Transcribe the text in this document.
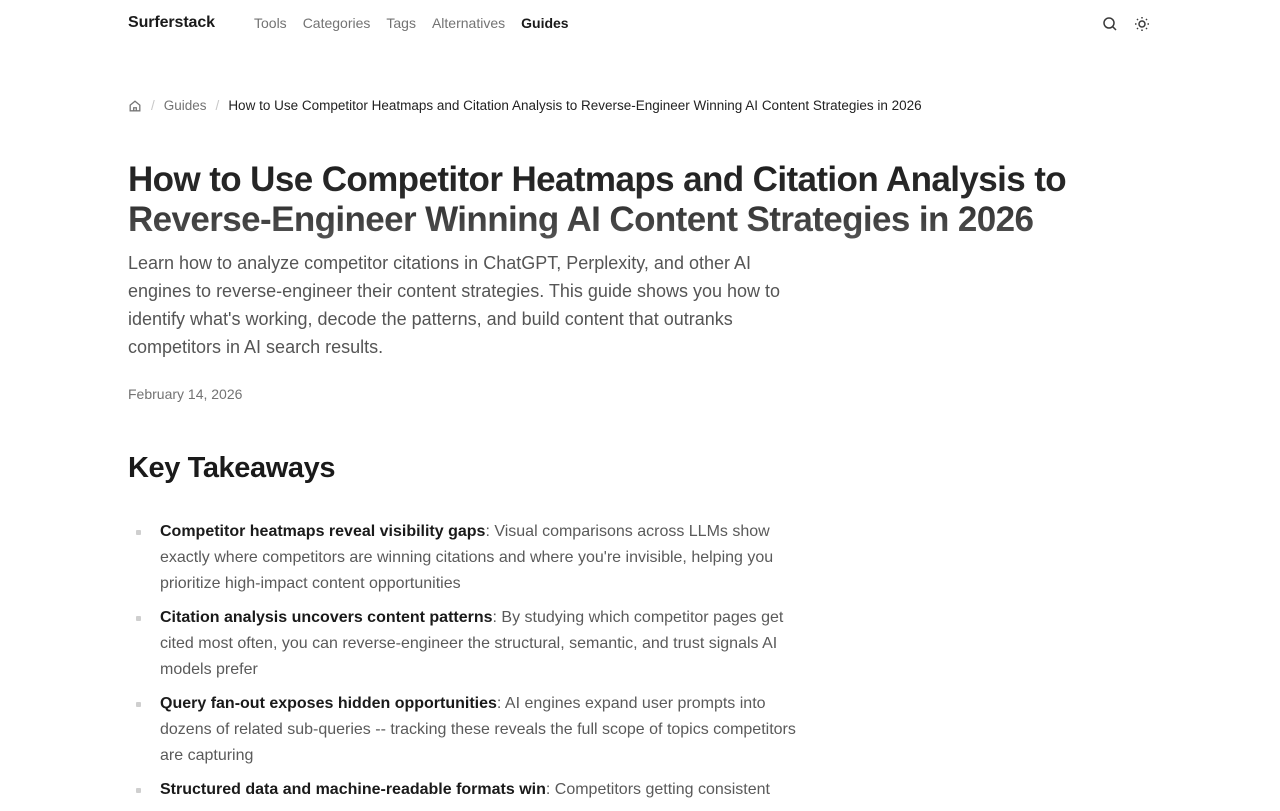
Surferstack	Tools Categories Tags Alternatives Guides
/ Guides / How to Use Competitor Heatmaps and Citation Analysis to Reverse-Engineer Winning AI Content Strategies in 2026
How to Use Competitor Heatmaps and Citation Analysis to Reverse-Engineer Winning AI Content Strategies in 2026

Learn how to analyze competitor citations in ChatGPT, Perplexity, and other AI engines to reverse-engineer their content strategies. This guide shows you how to identify what's working, decode the patterns, and build content that outranks competitors in AI search results.

February 14, 2026
Key Takeaways
Competitor heatmaps reveal visibility gaps: Visual comparisons across LLMs show exactly where competitors are winning citations and where you're invisible, helping you prioritize high-impact content opportunities
Citation analysis uncovers content patterns: By studying which competitor pages get cited most often, you can reverse-engineer the structural, semantic, and trust signals AI models prefer
Query fan-out exposes hidden opportunities: AI engines expand user prompts into dozens of related sub-queries -- tracking these reveals the full scope of topics competitors are capturing
Structured data and machine-readable formats win: Competitors getting consistent
